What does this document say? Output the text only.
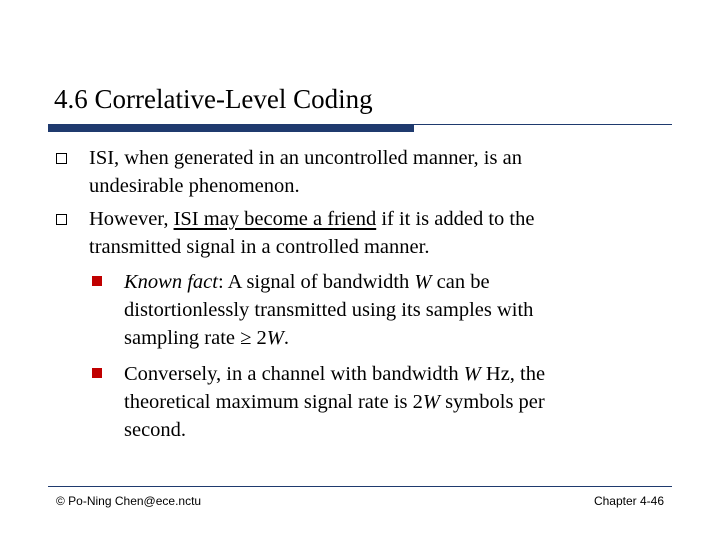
4.6 Correlative-Level Coding
ISI, when generated in an uncontrolled manner, is an
undesirable phenomenon.
However, ISI may become a friend if it is added to the
transmitted signal in a controlled manner.
Known fact: A signal of bandwidth W can be
distortionlessly transmitted using its samples with
sampling rate ≥ 2W.
Conversely, in a channel with bandwidth W Hz, the
theoretical maximum signal rate is 2W symbols per
second.
© Po-Ning Chen@ece.nctu	Chapter 4-46
